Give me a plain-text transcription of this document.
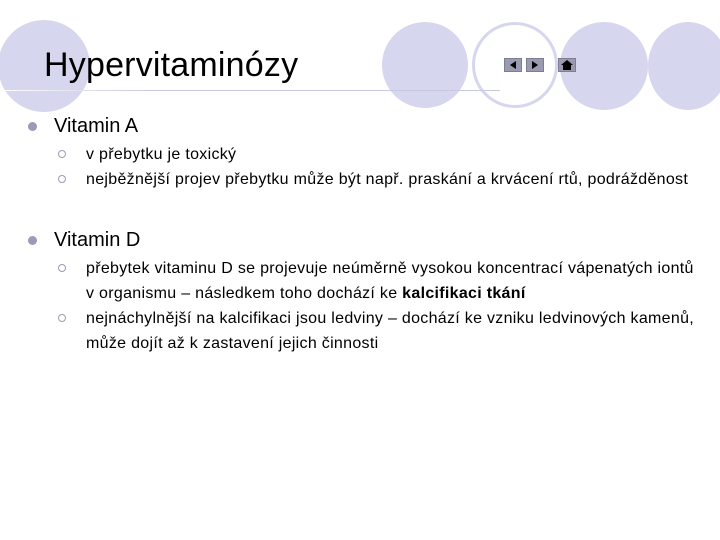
Hypervitaminózy
Vitamin A
v přebytku je toxický
nejběžnější projev přebytku může být např. praskání a krvácení rtů, podrážděnost
Vitamin D
přebytek vitaminu D se projevuje neúměrně vysokou koncentrací vápenatých iontů v organismu – následkem toho dochází ke kalcifikaci tkání
nejnáchylnější na kalcifikaci jsou ledviny – dochází ke vzniku ledvinových kamenů, může dojít až k zastavení jejich činnosti
